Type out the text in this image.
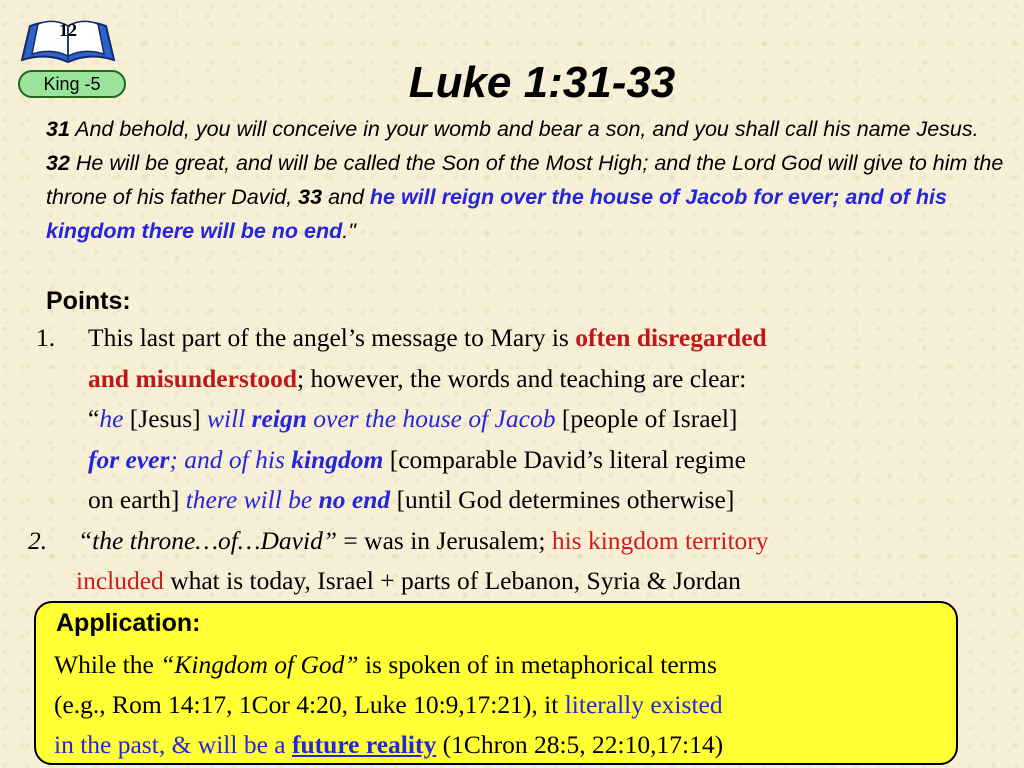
12
King -5	Luke 1:31-33
31 And behold, you will conceive in your womb and bear a son, and you shall call his name Jesus. 32 He will be great, and will be called the Son of the Most High; and the Lord God will give to him the throne of his father David, 33 and he will reign over the house of Jacob for ever; and of his kingdom there will be no end."
Points:
1. This last part of the angel’s message to Mary is often disregarded
and misunderstood; however, the words and teaching are clear:
“he [Jesus] will reign over the house of Jacob [people of Israel]
for ever; and of his kingdom [comparable David’s literal regime
on earth] there will be no end [until God determines otherwise]
2. “the throne…of…David” = was in Jerusalem; his kingdom territory
included what is today, Israel + parts of Lebanon, Syria & Jordan
Application:
While the “Kingdom of God” is spoken of in metaphorical terms
(e.g., Rom 14:17, 1Cor 4:20, Luke 10:9,17:21), it literally existed
in the past, & will be a future reality (1Chron 28:5, 22:10,17:14)
